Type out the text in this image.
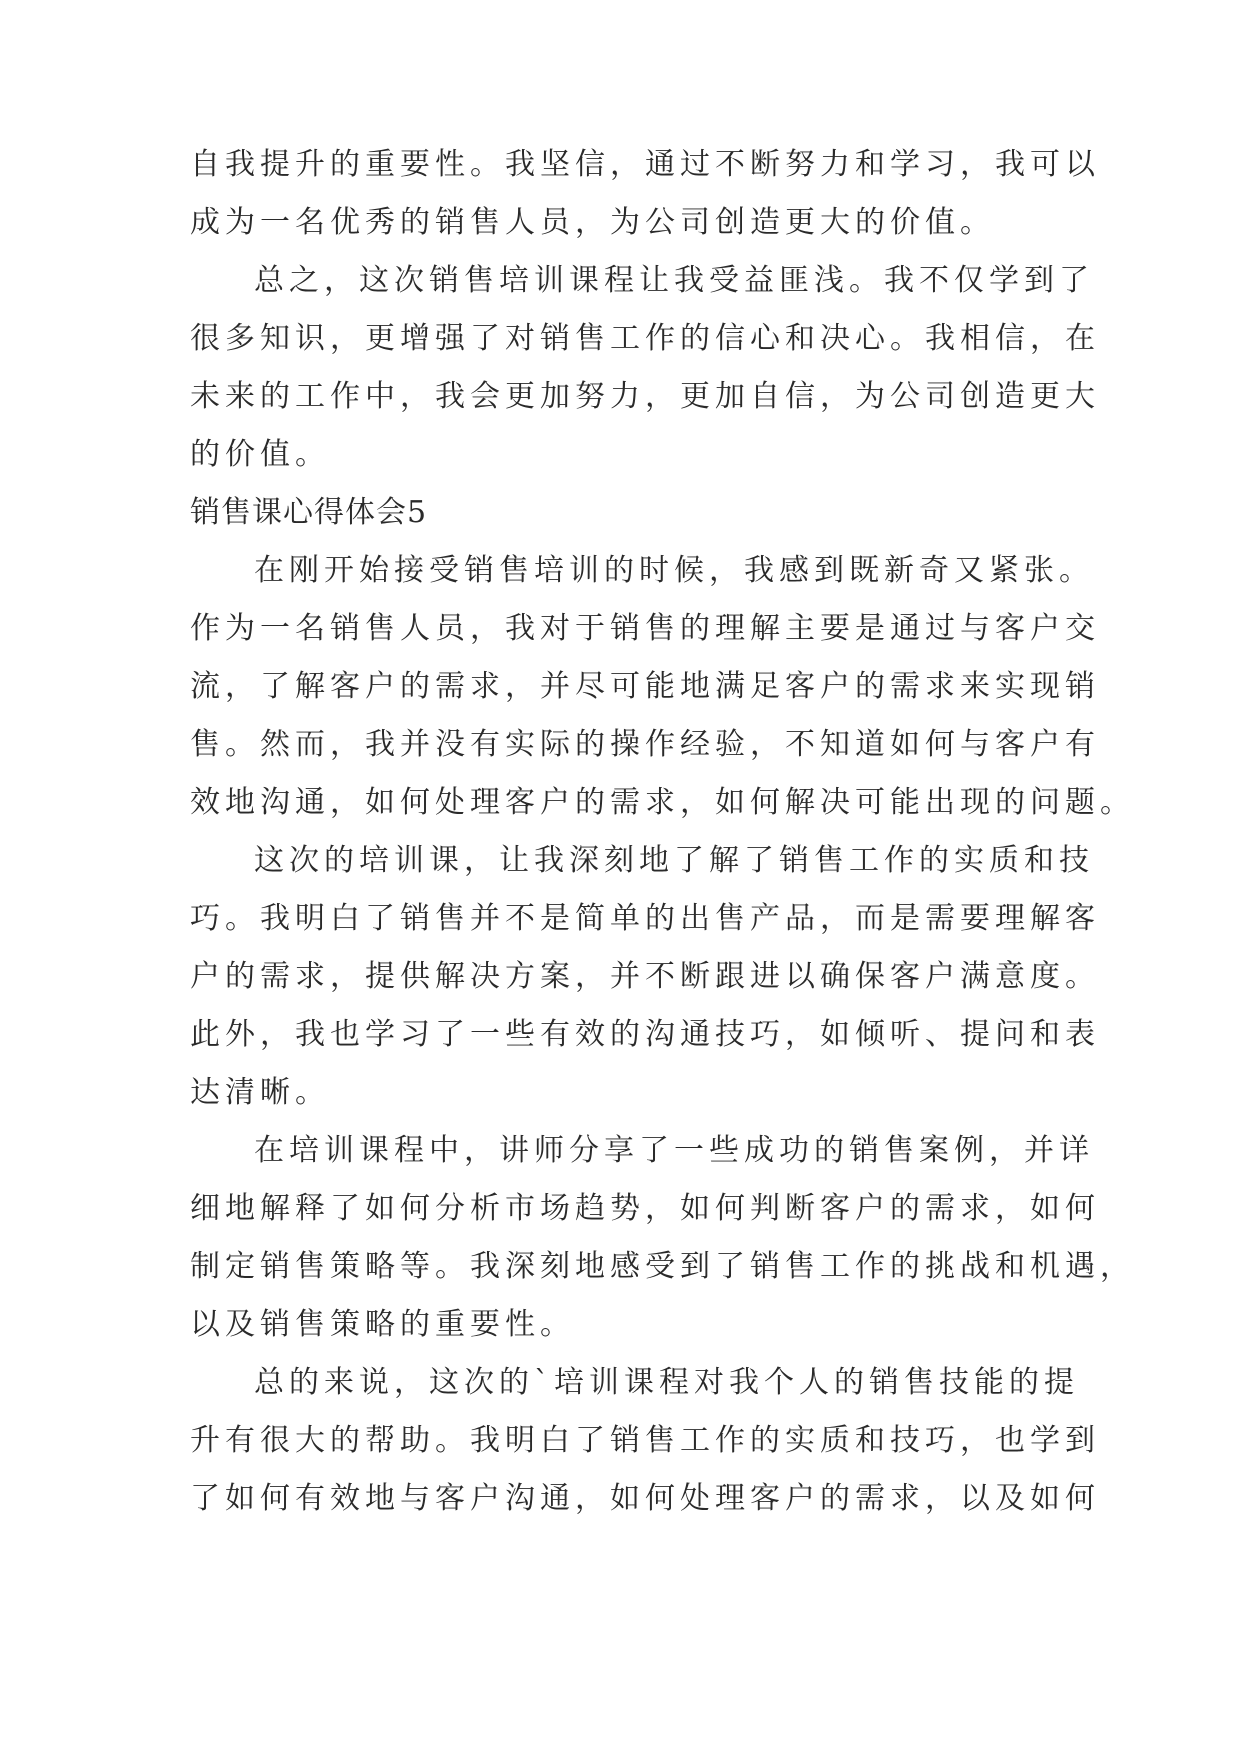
自我提升的重要性。我坚信，通过不断努力和学习，我可以
成为一名优秀的销售人员，为公司创造更大的价值。
总之，这次销售培训课程让我受益匪浅。我不仅学到了
很多知识，更增强了对销售工作的信心和决心。我相信，在
未来的工作中，我会更加努力，更加自信，为公司创造更大
的价值。
销售课心得体会5
在刚开始接受销售培训的时候，我感到既新奇又紧张。
作为一名销售人员，我对于销售的理解主要是通过与客户交
流，了解客户的需求，并尽可能地满足客户的需求来实现销
售。然而，我并没有实际的操作经验，不知道如何与客户有
效地沟通，如何处理客户的需求，如何解决可能出现的问题。
这次的培训课，让我深刻地了解了销售工作的实质和技
巧。我明白了销售并不是简单的出售产品，而是需要理解客
户的需求，提供解决方案，并不断跟进以确保客户满意度。
此外，我也学习了一些有效的沟通技巧，如倾听、提问和表
达清晰。
在培训课程中，讲师分享了一些成功的销售案例，并详
细地解释了如何分析市场趋势，如何判断客户的需求，如何
制定销售策略等。我深刻地感受到了销售工作的挑战和机遇，
以及销售策略的重要性。
总的来说，这次的`培训课程对我个人的销售技能的提
升有很大的帮助。我明白了销售工作的实质和技巧，也学到
了如何有效地与客户沟通，如何处理客户的需求，以及如何
